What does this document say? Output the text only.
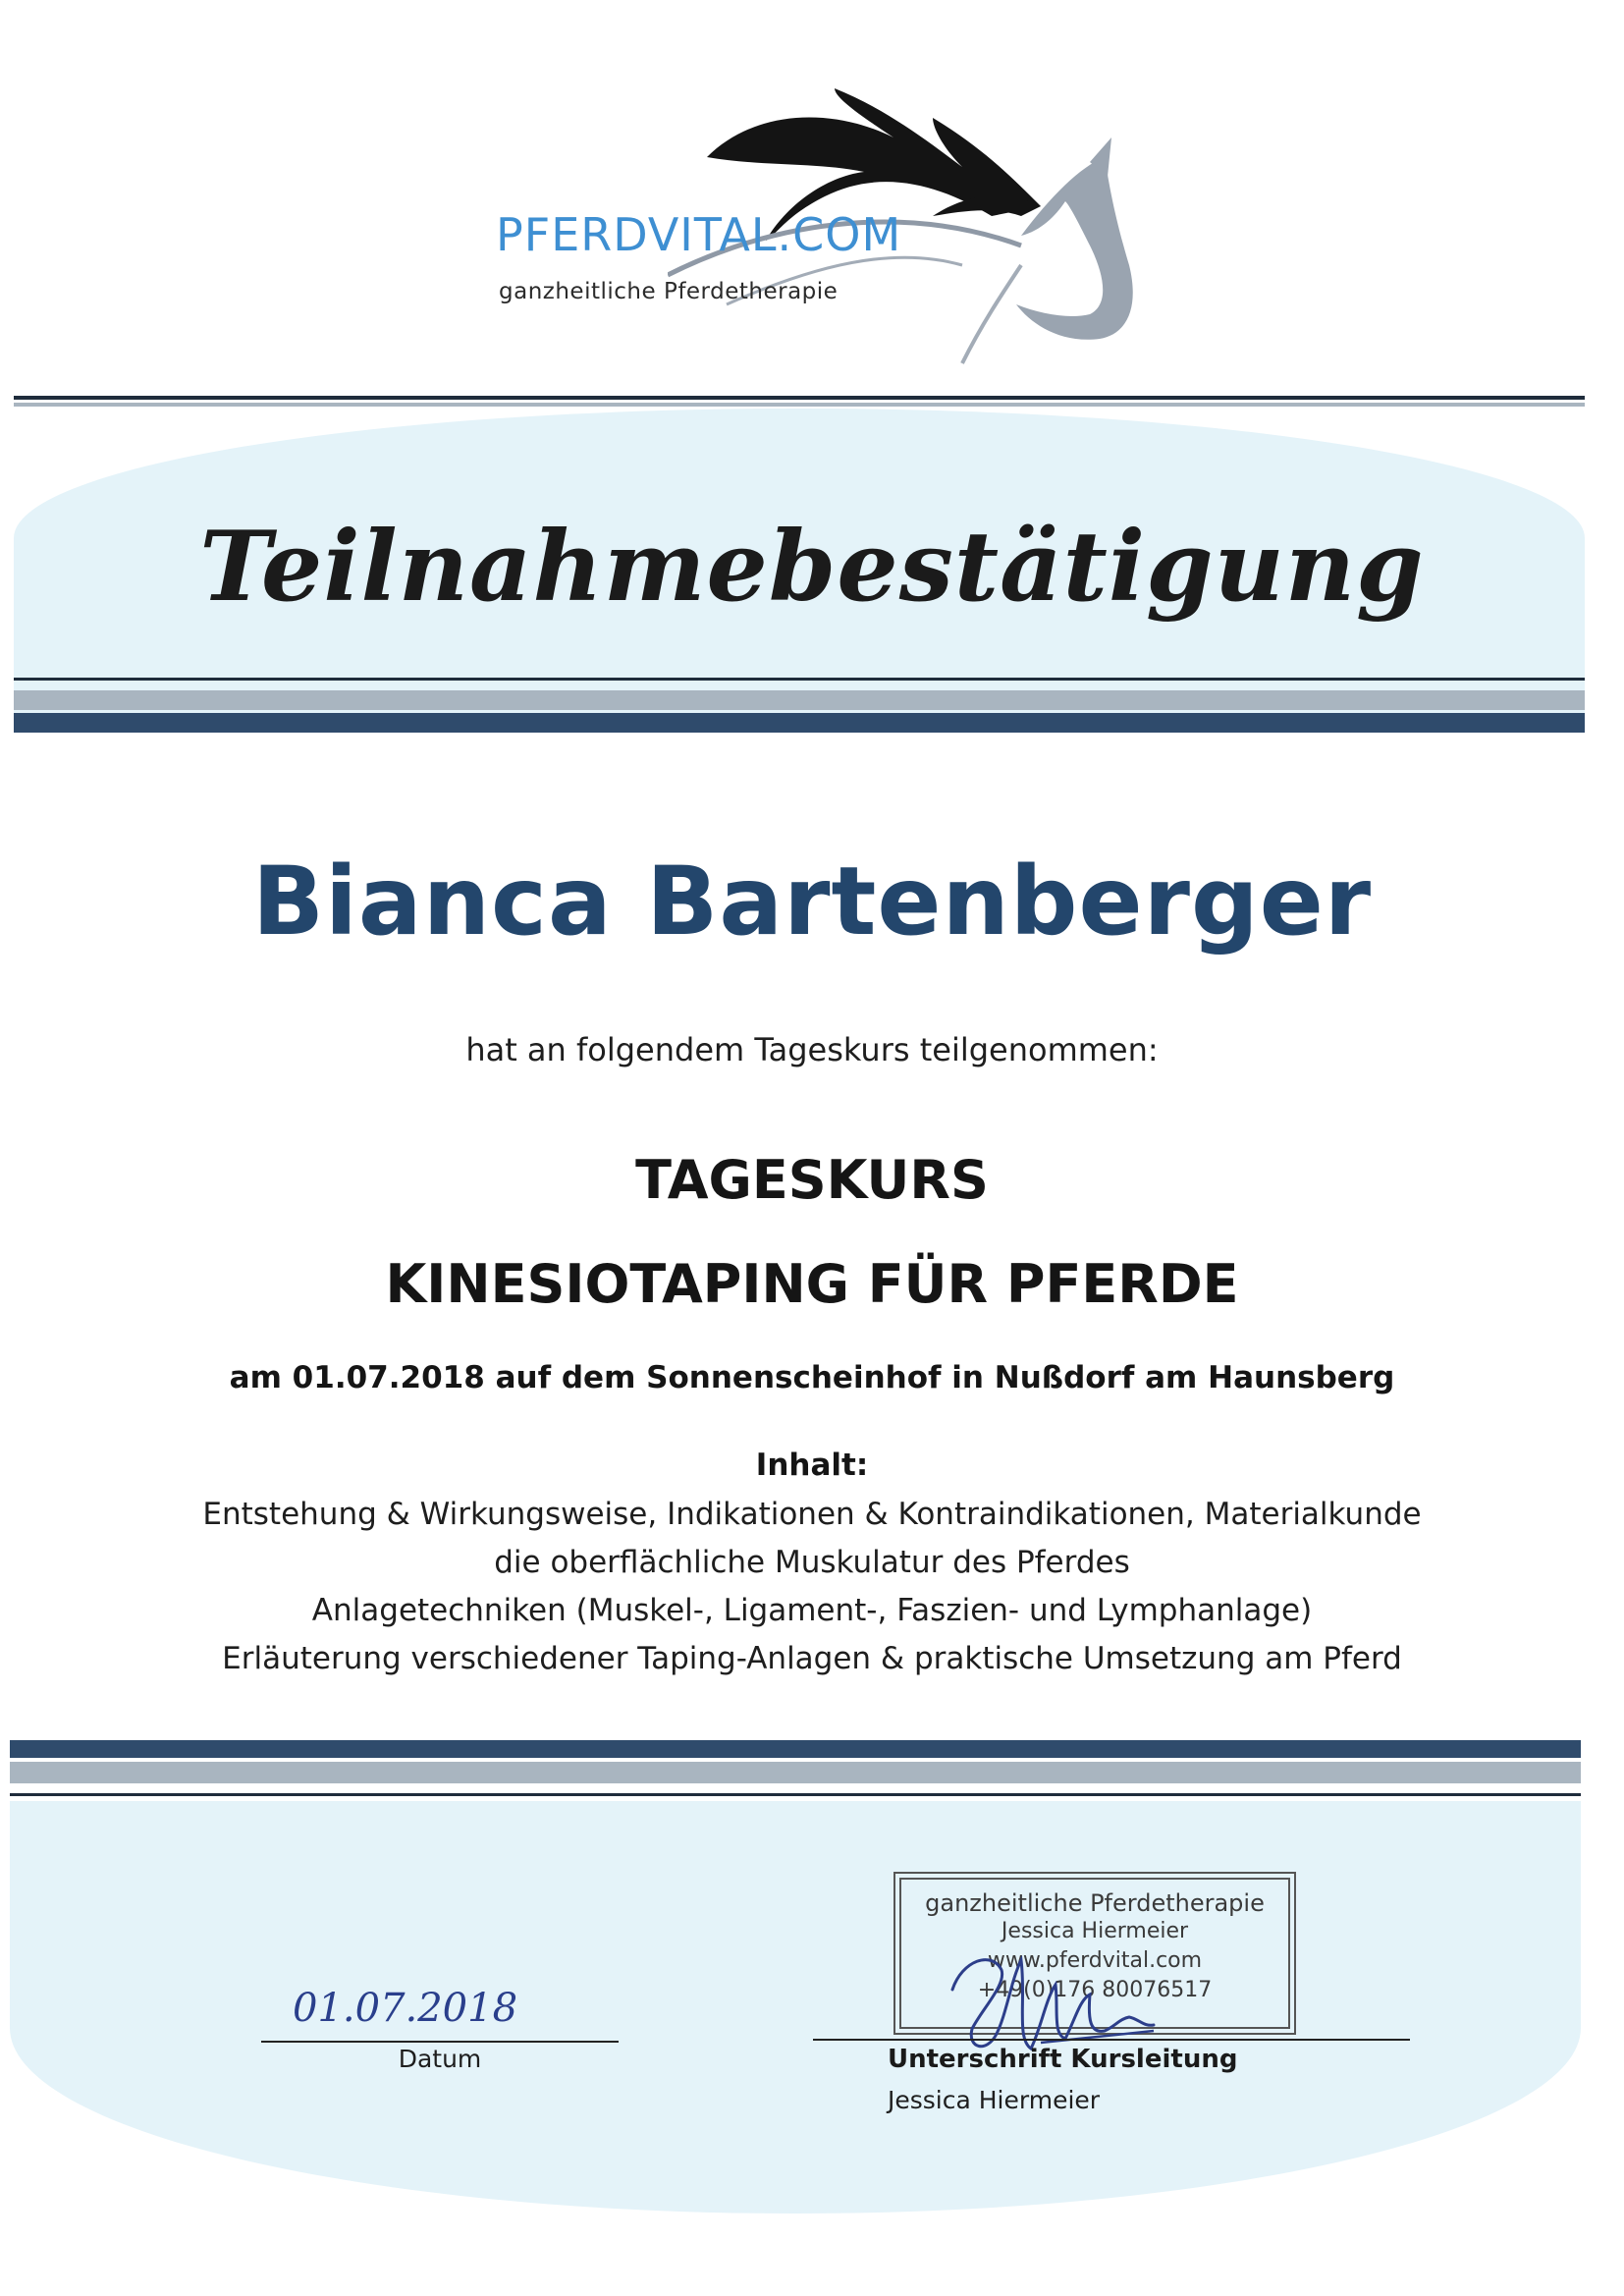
PFERDVITAL.COM
ganzheitliche Pferdetherapie
Teilnahmebestätigung
Bianca Bartenberger
hat an folgendem Tageskurs teilgenommen:
TAGESKURS
KINESIOTAPING FÜR PFERDE
am 01.07.2018 auf dem Sonnenscheinhof in Nußdorf am Haunsberg
Inhalt:
Entstehung & Wirkungsweise, Indikationen & Kontraindikationen, Materialkunde
die oberflächliche Muskulatur des Pferdes
Anlagetechniken (Muskel-, Ligament-, Faszien- und Lymphanlage)
Erläuterung verschiedener Taping-Anlagen & praktische Umsetzung am Pferd
01.07.2018
Datum
ganzheitliche Pferdetherapie
Jessica Hiermeier
www.pferdvital.com
+49(0)176 80076517
Unterschrift Kursleitung
Jessica Hiermeier
